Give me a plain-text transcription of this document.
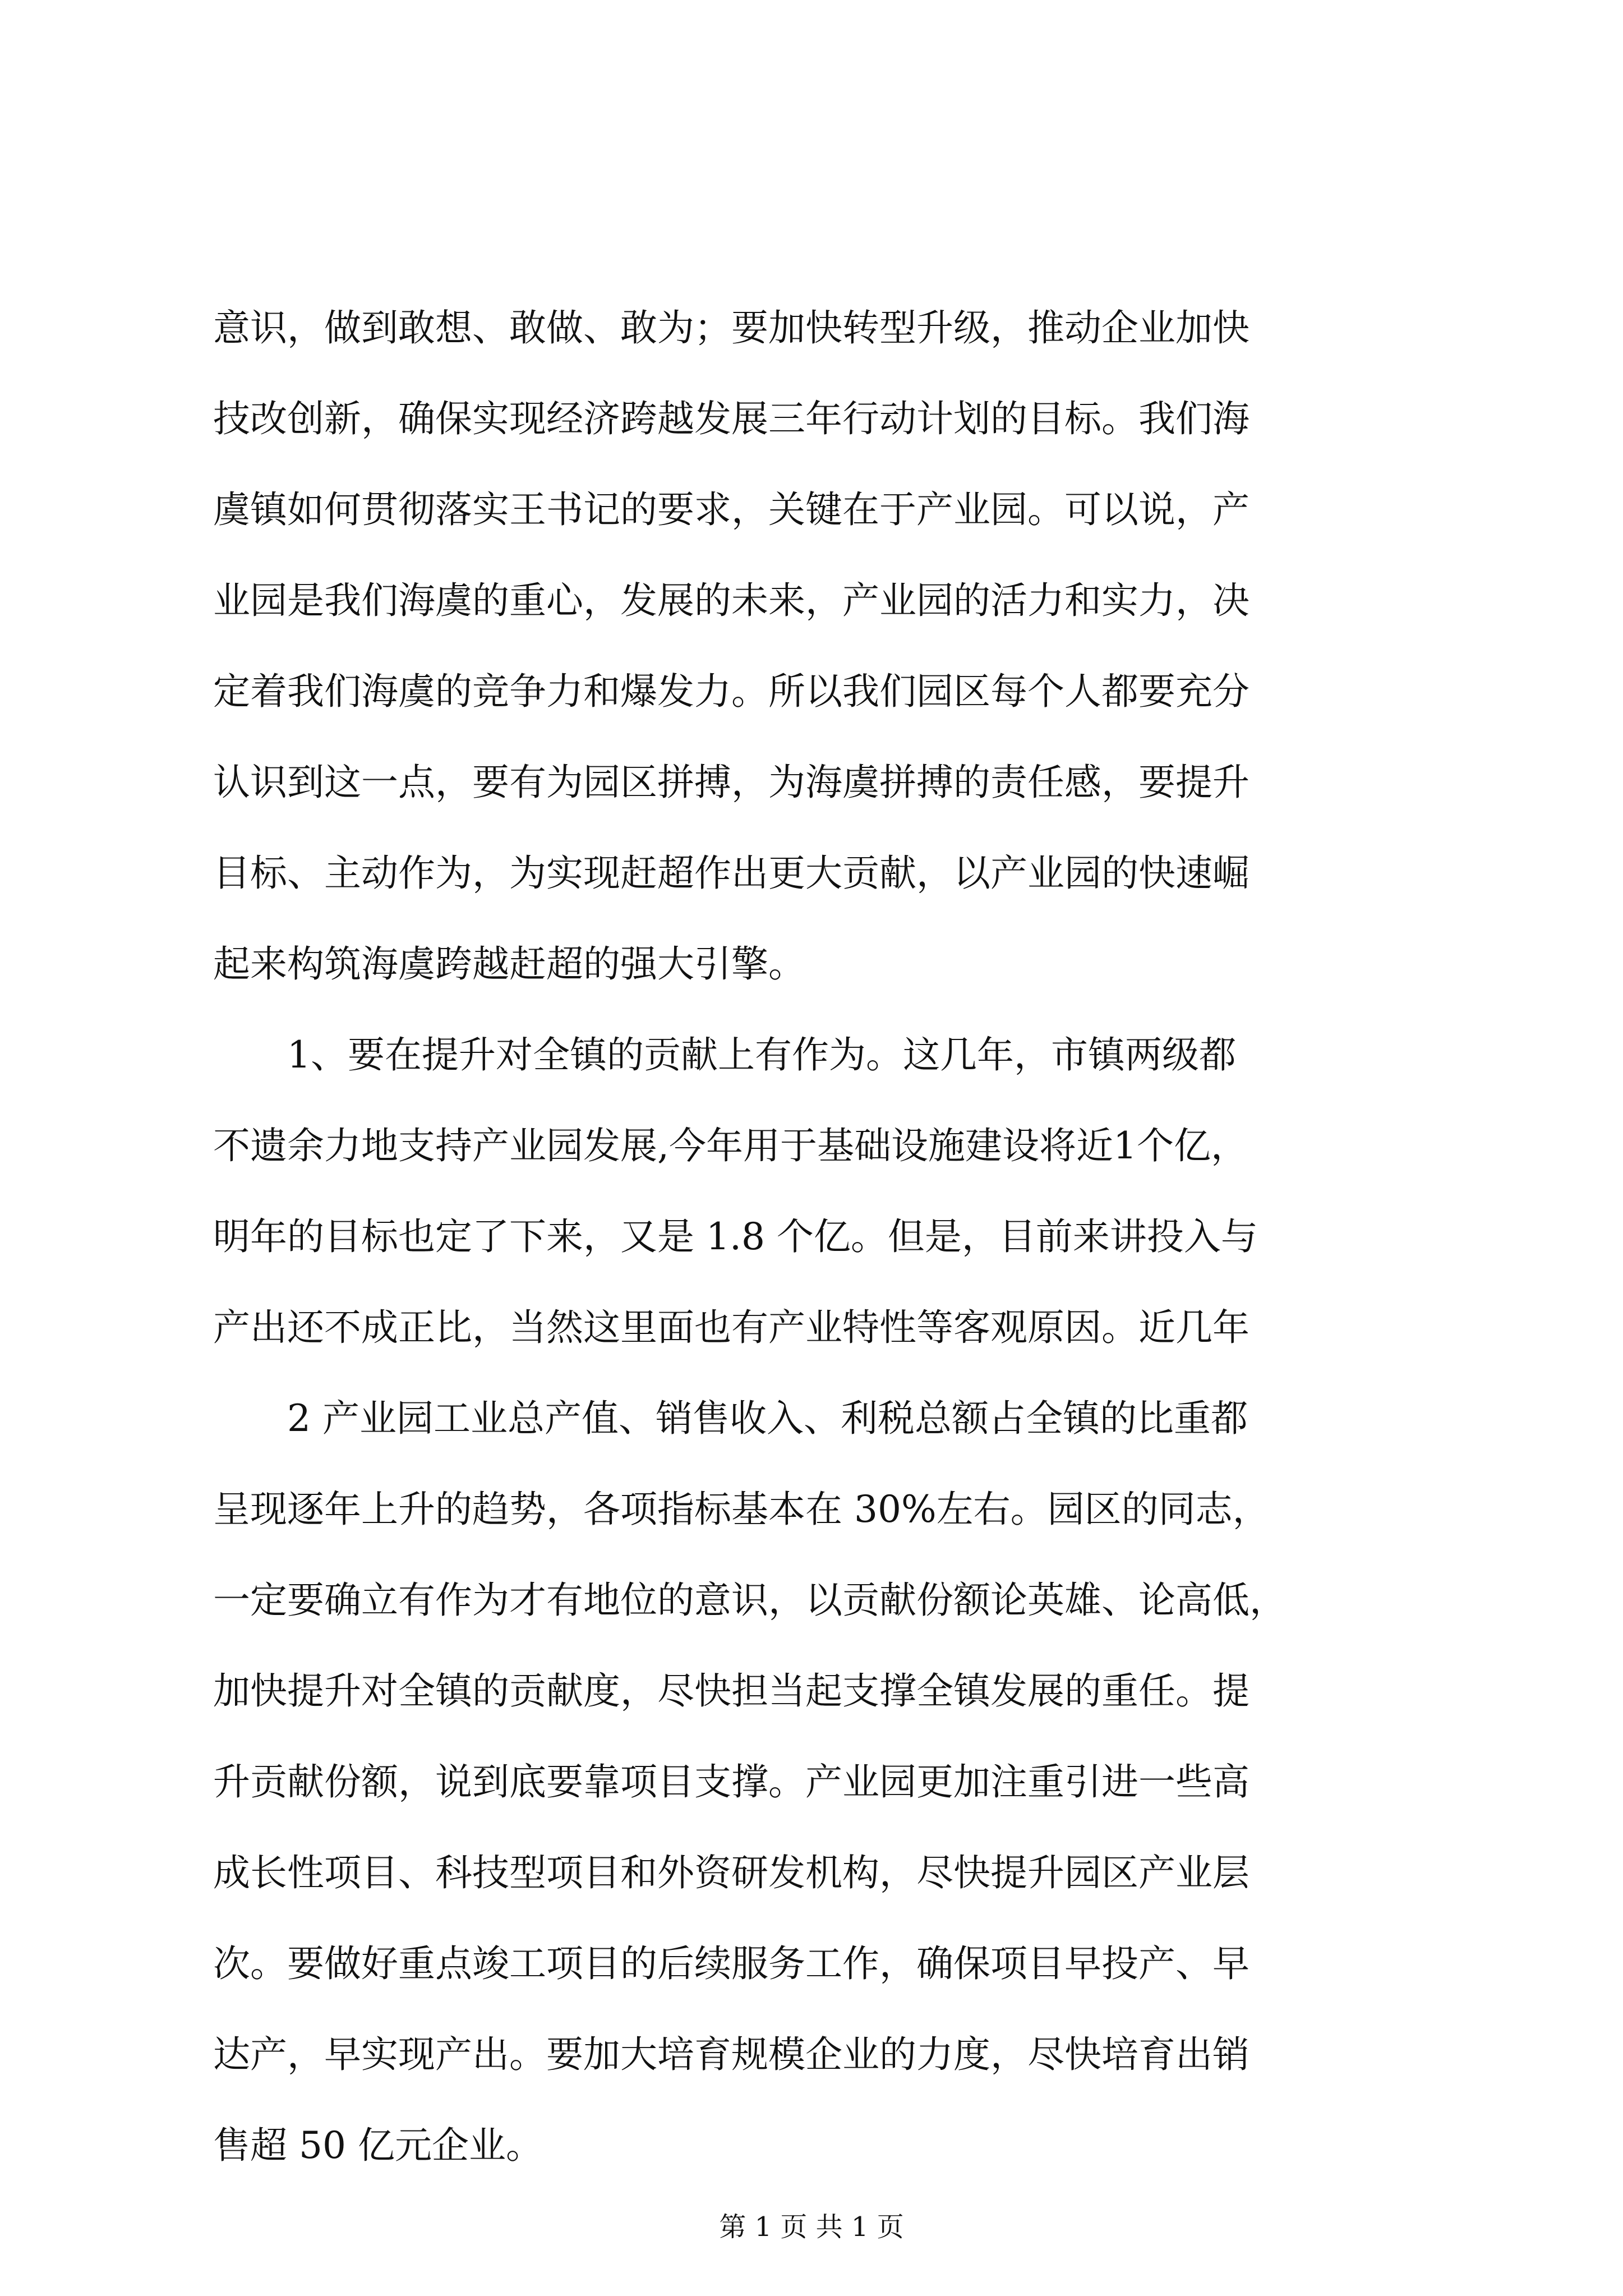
意识，做到敢想、敢做、敢为；要加快转型升级，推动企业加快
技改创新，确保实现经济跨越发展三年行动计划的目标。我们海
虞镇如何贯彻落实王书记的要求，关键在于产业园。可以说，产
业园是我们海虞的重心，发展的未来，产业园的活力和实力，决
定着我们海虞的竞争力和爆发力。所以我们园区每个人都要充分
认识到这一点，要有为园区拼搏，为海虞拼搏的责任感，要提升
目标、主动作为，为实现赶超作出更大贡献，以产业园的快速崛
起来构筑海虞跨越赶超的强大引擎。
1、要在提升对全镇的贡献上有作为。这几年，市镇两级都
不遗余力地支持产业园发展,今年用于基础设施建设将近1个亿，
明年的目标也定了下来，又是 1.8 个亿。但是，目前来讲投入与
产出还不成正比，当然这里面也有产业特性等客观原因。近几年
2 产业园工业总产值、销售收入、利税总额占全镇的比重都
呈现逐年上升的趋势，各项指标基本在 30%左右。园区的同志，
一定要确立有作为才有地位的意识，以贡献份额论英雄、论高低，
加快提升对全镇的贡献度，尽快担当起支撑全镇发展的重任。提
升贡献份额，说到底要靠项目支撑。产业园更加注重引进一些高
成长性项目、科技型项目和外资研发机构，尽快提升园区产业层
次。要做好重点竣工项目的后续服务工作，确保项目早投产、早
达产，早实现产出。要加大培育规模企业的力度，尽快培育出销
售超 50 亿元企业。
第 1 页 共 1 页
